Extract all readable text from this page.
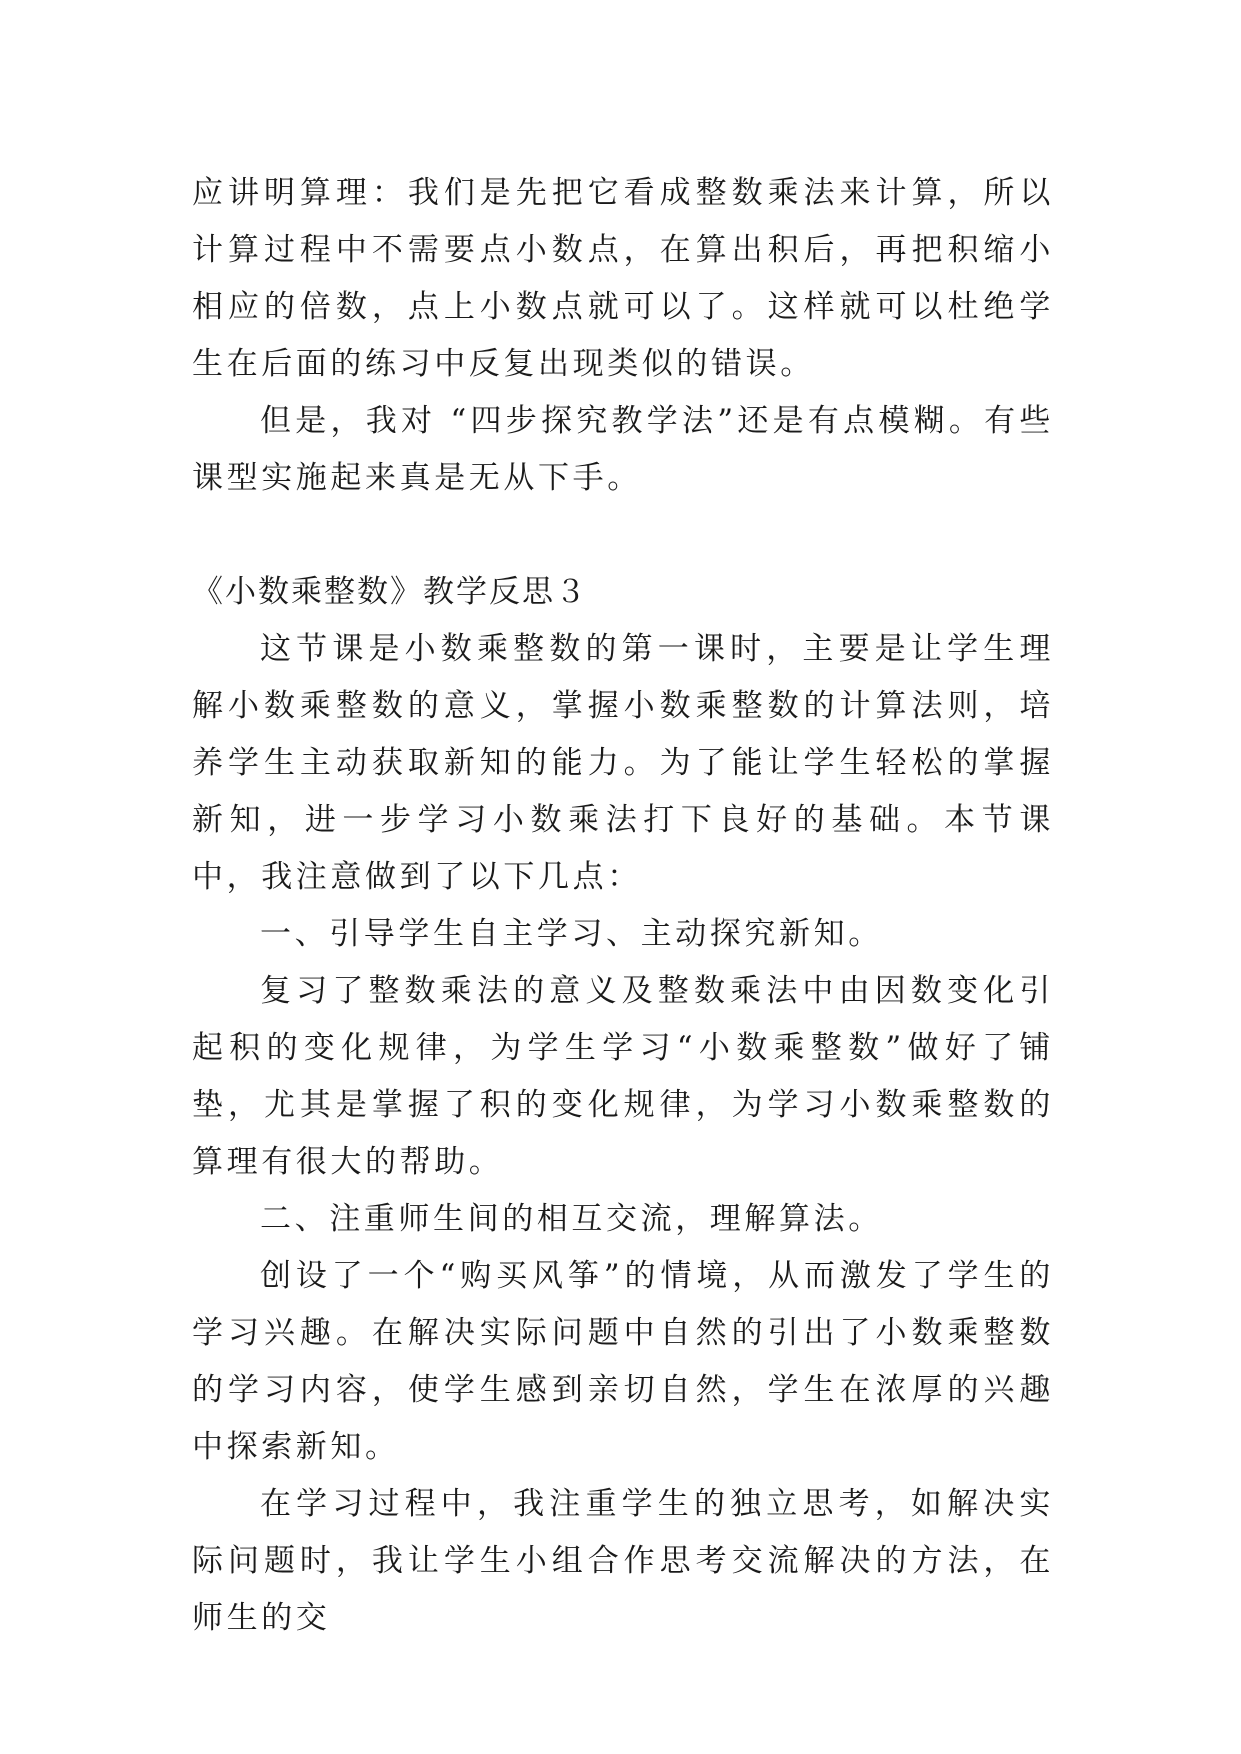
应讲明算理：我们是先把它看成整数乘法来计算，所以计算过程中不需要点小数点，在算出积后，再把积缩小相应的倍数，点上小数点就可以了。这样就可以杜绝学生在后面的练习中反复出现类似的错误。

但是，我对 “四步探究教学法”还是有点模糊。有些课型实施起来真是无从下手。

《小数乘整数》教学反思３

这节课是小数乘整数的第一课时，主要是让学生理解小数乘整数的意义，掌握小数乘整数的计算法则，培养学生主动获取新知的能力。为了能让学生轻松的掌握新知，进一步学习小数乘法打下良好的基础。本节课中，我注意做到了以下几点：

一、引导学生自主学习、主动探究新知。

复习了整数乘法的意义及整数乘法中由因数变化引起积的变化规律，为学生学习“小数乘整数”做好了铺垫，尤其是掌握了积的变化规律，为学习小数乘整数的算理有很大的帮助。

二、注重师生间的相互交流，理解算法。

创设了一个“购买风筝”的情境，从而激发了学生的学习兴趣。在解决实际问题中自然的引出了小数乘整数的学习内容，使学生感到亲切自然，学生在浓厚的兴趣中探索新知。

在学习过程中，我注重学生的独立思考，如解决实际问题时，我让学生小组合作思考交流解决的方法，在师生的交
